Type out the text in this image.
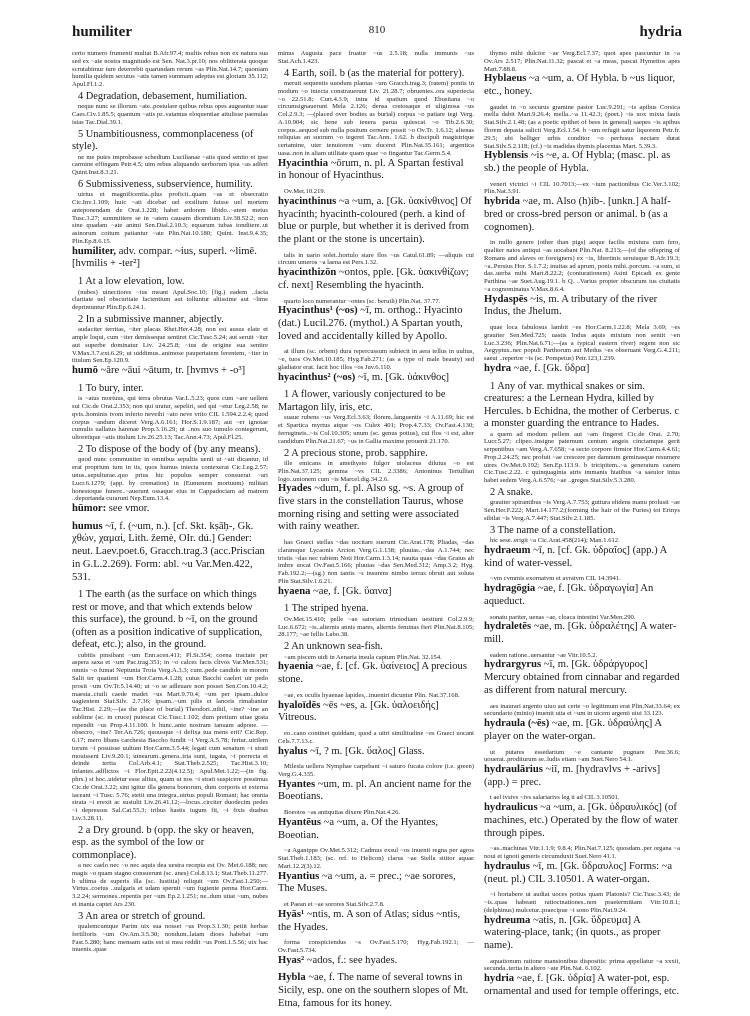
humiliter	810	hydria
certo numero frumenti multat B.Afr.97.4; multis rebus non ex natura sua sed ex ~ate nostra magnitudo est Sen. Nat.3.pr.10; nos oblitterata quoque scrutabimur ture deterrebit quarundam rerum ~as Plin.Nat.14.7; quoniam humilia quidem secutus ~atis tamen summam adeptus est gloriam 35.112; Apul.Fl.1.2.
4 Degradation, debasement, humiliation.
neque nunc se illorum ~ate..postulare quibus rebus opes augeantur suae Caes.Civ.1.85.5; quantum ~atis pr..vatamus eloquentiae attulisse paenulas istas Tac.Dial.39.1.
5 Unambitiousness, commonplaceness (of style).
ne me putes improbasse schedium Lucilianae ~atis quod sentio et ipse carmine effingam Petr.4.5; uim rebus aliquando uerborum ipsa ~as adfert Quint.Inst.8.3.21.
6 Submissiveness, subservience, humility.
uirtus et magnificentia..plus proficit..quam ~as et obsecratio Cic.Inv.1.109; huic ~ati dicebat uel exsilium fuisse uel mortem anteponendam de Orat.1.228; habet ardorem libido..~atem metus Tusc.3.27; summittere se in ~atem causam dicentium Liv.38.52.2; non sine quadam ~ate animi Sen.Dial.2.10.3; equarum tubas tonditere..ut asinorum coitum patiantur ~ate Plin.Nat.10.180; Quint. Inst.9.4.35; Plin.Ep.8.6.15.
humiliter, adv. compar. ~ius, superl. ~limē. [hvmilis + -ter²]
1 At a low elevation, low.
(nubes) uinectiores ~ius meant Apul.Soc.10; [fig.) eadem ..facta claritate uel obscuritate facientium aut tolluntur altissime aut ~lime deprimuntur Plin.Ep.6.24.1.
2 In a submissive manner, abjectly.
audaciter territas, ~iter placas Rhet.Her.4.28; non est ausus elate et ample loqui, cum ~iter demisseque sentiret Cic.Tusc.5.24; aut seruit ~iter aut superbe dominatur Liv. 24.25.8; ~ius de origine sua sentire V.Max.3.7.ext.6.29; ut uiddimus..animose paupertatem ferentem, ~iter in titulum Sen.Ep.120.9.
humō ~āre ~āui ~ātum, tr. [hvmvs + -o³]
1 To bury, inter.
is ~atus mortuus, qui terra obrutus Var.L.5.23; quos cum ~are uellent sui Cic.de Orat.2.353; non qui uratur, sepeliri, sed qui ~etur Leg.2.58; ne qvis..hominis tvom inferto neveihi ~ato neve vrito CIL 1.594.2.2.4; quod corpus ~andum diceret Verg.A.6.161; Hor.S.1.9.187; aut ~er ignotae cumulis uallatus harenae Prop.3.16.29; ut ..nos suo tumulo contegerunt, ultoretique ~atis titulum Liv.26.25.13; Tac.Ann.4.73; Apul.Fl.25.
2 To dispose of the body of (by any means).
quod nunc communiter in omnibus sepultis uenit ut ~ati dicantur, id erat proprium tum in iis, quos humus iniecta contexerat Cic.Leg.2.57; unus..sepulturae..quo prius hic populus semper consuerat ~ari Lucr.6.1279; (app. by cremation) in (Eumenem mortuum) militari honestoque funere..~auerunt ossaque eius in Cappadociam ad matrem ..deportanda curarunt Nep.Eum.13.4.
hūmor: see vmor.
humus ~ī, f. (~um, n.). [cf. Skt. kṣāḥ-, Gk. χθών, χαμαί, Lith. žemė, OIr. dú.] Gender: neut. Laev.poet.6, Gracch.trag.3 (acc.Priscian in G.L.2.269). Form: abl. ~u Var.Men.422, 531.
1 The earth (as the surface on which things rest or move, and that which extends below this surface), the ground. b ~ī, on the ground (often as a position indicative of supplication, defeat, etc.); also, in the ground.
cubitis pinsibant ~um Enn.scen.411; Pl.St.354; coena tractate per aspera saxa et ~um Pac.trag.351; in ~o calces facis clivos Var.Men.531; omnis ~o fumat Neptunia Troia Verg.A.3.3; cum..pede candido in morem Salii ter quatient ~um Hor.Carm.4.1.28; cuius Bacchi caeleri uir pedo prosit ~um Ov.Tr.5.14.40; ut ~o se adleuare non posset Sen.Con.10.4.2; maesta..ciuili caede madet ~us Mart.9.70.4; ~um per ipsam..dulce uagientem Stat.Silv. 2.7.36; ipsam..~um pilis et lanceis rimabantur Tac.Hist. 2.29;—(as the place of burial) Theodori..nihil, ~ine? ~ine an sublime (sc. in cruce) putescat Cic.Tusc.1.102; dum pretium uitae grata rependit ~us Prop.4.11.100. b hunc..ante nostram ianuam adpone. — obsecro, ~ine? Ter.An.726; quousque ~i defixa tua mens erit? Cic.Rep. 6.17; mero libans carchesia Baccho fundit ~i Verg.A.5.78; fertur..uirilem torum ~i posuisse uultum Hor.Carm.3.5.44; legati cum senatum ~i strati mouissent Liv.9.20.1; uinearum..genera..tria sunt, iugata, ~i porrecta et deinde tertia Col.Arb.4.1; Stat.Theb.2.525; Tac.Hist.3.10; infantes..adflictos ~i Flor.Epit.2.22(4.12.5); Apul.Met.1.22;—(in fig. phrs.) si hoc..uidetur esse altius, quam ut nos ~i strati suspicere possimus Cic.de Orat.3.22; sint igitur illa genera bonorum, dum corporis et externa iaceant ~i Tusc. 5.76; stetit una integra..uirtus populi Romani; hac omnia strata ~i erexit ac sustulit Liv.26.41.12;—locus..circiter duodecim pedes ~i depressus Sal.Cat.55.3; tribus hastis iugum fit, ~i fixis duabus Liv.3.28.11.
2 a Dry ground. b (opp. the sky or heaven, esp. as the symbol of the low or commonplace).
a nec caelo nec ~o nec aquis dea uestra recepta est Ov. Met.6.188; nec magis ~o quam stagno consuerunt (sc. anes) Col.8.13.1; Stat.Theb.11.277. b ultima de superis illa (sc. Iustitia) reliquit ~um Ov.Fast.1.250;—Virtus..coetus ..uulgaris et udam spernit ~um fugiente penna Hor.Carm. 3.2.24; sermones..repentis per ~um Ep.2.1.251; ne..dum uitat ~um, nubes et inania captet Ars 230.
3 An area or stretch of ground.
qualemcumque Parim uix sua nosset ~us Prop.3.1.30; petiit herbae fertilioris ~um Ov.Am.3.5.30; nondum..latam dioes habebat ~um Fast.5.280; hanc mensam satis est si mea reddit ~us Pont.1.5.56; uix hac inuenis..quae
minus Augusta pace fruatur ~us 2.5.18; nulla immunis ~us Stat.Ach.1.423.
4 Earth, soil. b (as the material for pottery).
meruit sequentis uuodum plantas ~um Gracch.trag.3; (ratem) pontis in modum ~o iniecta constrauerunt Liv. 21.28.7; obruentes..ora superiecta ~o 22.51.8; Curt.4.3.9; intra id spatium quod Ebusitana ~o circumsignauerunt Mela 2.126; densa cretosaque et uliginosa ~us Col.2.9.3; —(placed over bodies as burial) corpus ~o patiare tegi Verg. A.10.904; sic bene sub tenera parua quiescat ~o Tib.2.6.30; corpus..aequod sub nulla positum cernere possit ~o Ov.Tr. 1.6.12; alienas reliquias an suorum ~o tegeret Tac.Ann. 1.62. b discipuli magistrique certamine, uter tenuiorem ~um duceret Plin.Nat.35.161; argentica uasa..non in aliam utilitate quam quae ~o fingantur Tac.Germ.5.4.
Hyacinthia ~ōrum, n. pl. A Spartan festival in honour of Hyacinthus.
Ov.Met.10.219.
hyacinthinus ~a ~um, a. [Gk. ὑακίνθινος] Of hyacinth; hyacinth-coloured (perh. a kind of blue or purple, but whether it is derived from the plant or the stone is uncertain).
talis in uario solet..hortulo stare flos ~us Catul.61.89; —aliquis cui circum umeros ~a laena est Pers.1.32.
hyacinthizōn ~ontos, pple. [Gk. ὑακινθίζων; cf. next] Resembling the hyacinth.
quarto loco numerantur ~ontes (sc. beruili) Plin.Nat. 37.77.
Hyacinthus¹ (~os) ~ī, m. orthog.: Hyacinto (dat.) Lucil.276. (mythol.) A Spartan youth, loved and accidentally killed by Apollo.
at illum (sc. orbem) dura repercussum subiecit in aera tellus in uultus, ~e, tuos Ov.Met.10.185; Hyg.Fab.271; (as a type of male beauty) sed gladiator erat. facit hoc illos ~os Juv.6.110.
hyacinthus² (~os) ~ī, m. [Gk. ὑάκινθος]
1 A flower, variously conjectured to be Martagon lily, iris, etc.
suaue rubens ~us Verg.Ecl.3.63; florem..languentis ~i A.11.69; hic est et Spartica myrtus atque ~os Culex 401; Prop.4.7.33; Ov.Fast.4.130; ferrugineis..~is Col.10.305; unum (sc. genus potius), cui flos ~i est, alter candidum Plin.Nat.21.67; ~us in Gallia maxime prouenit 21.170.
2 A precious stone, prob. sapphire.
ille emicans in amethysto fulgor uiolaceus dilutus ~o est Plin.Nat.37.125; gemma ~vs CIL 2.3386; Antoninus Tertullian logo..unionem cum ~is Marcel.dig.34.2.6.
Hyades ~dum, f. pl. Also sg. ~s. A group of five stars in the constellation Taurus, whose morning rising and setting were associated with rainy weather.
has Graeci stellas ~das uocitare suerunt Cic.Arat.178; Pliadas, ~das claramque Lycaonis Arcton Verg.G.1.138; pluuias..~das A.1.744; nec tristis ~das nec rabiem Noti Hor.Carm.1.3.14; nauita quas ~das Graius ab imbre uocat Ov.Fast.5.166; pluuias ~das Sen.Med.312; Amp.3.2; Hyg. Fab.192.2;—(sg.) non tantis ~s insurens nimbo terras obruit aut soluta Plin Stat.Silv.1.6.21.
hyaena ~ae, f. [Gk. ὕαινα]
1 The striped hyena.
Ov.Met.15.410; pelle ~ae satoriam trimodiam uestiunt Col.2.9.9; Luc.6.672; ~is..alternis annis mares, alternis feminas fieri Plin.Nat.8.105; 28.177; ~ae fellis Labo.38.
2 An unknown sea-fish.
~am piscem uidi in Aenaria insula captum Plin.Nat. 32.154.
hyaenia ~ae, f. [cf. Gk. ὑαίνειος] A precious stone.
~ae, ex oculis hyaenae lapides,..inueniri dicuntur Plin. Nat.37.168.
hyaloīdēs ~ēs ~es, a. [Gk. ὑαλοειδής] Vitreous.
eo..cano continet quiddam, quod a uitri similitudine ~es Graeci uocant Cels.7.7.13.c.
hyalus ~ī, ? m. [Gk. ὕαλος] Glass.
Milesia uellera Nymphae carpebant ~i saturo fucata colore (i.e. green) Verg.G.4.335.
Hyantes ~um, m. pl. An ancient name for the Boeotians.
Boeotos ~as antiquitas dixere Plin.Nat.4.26.
Hyantēus ~a ~um, a. Of the Hyantes, Boeotian.
~a Aganippe Ov.Met.5.312; Cadmus exsul ~os inuenit regna per agros Stat.Theb.1.183; (sc. ref. to Helicon) clarus ~ae Stella sititor aquae Mart.12.2(3).12.
Hyantius ~a ~um, a. = prec.; ~ae sorores, The Muses.
et Paean et ~ae sorores Stat.Silv.2.7.8.
Hyās¹ ~ntis, m. A son of Atlas; sidus ~ntis, the Hyades.
forma conspiciendus ~s Ov.Fast.5.170; Hyg.Fab.192.1; —Ov.Fast.5.734.
Hyas² ~ados, f.: see hyades.
Hybla ~ae, f. The name of several towns in Sicily, esp. one on the southern slopes of Mt. Etna, famous for its honey.
thymo mihi dulcior ~ae Verg.Ecl.7.37; quot apes pascuntur in ~a Ov.Ars 2.517; Plin.Nat.11.32; pascat et ~a meas, pascat Hymettos apes Mart.7.88.8.
Hyblaeus ~a ~um, a. Of Hybla. b ~us liquor, etc., honey.
gaudet in ~o securus gramine pastor Luc.9.291; ~is apibus Corsica mella dabit Mart.9.26.4; mella..~a 11.42.3; (poet.) ~is uox mixta fauis Stat.Silv.2.1.48; (as a poetic epithet of bees in general) saepes ~is apibus florem depasta salicti Verg.Ecl.1.54. b ~um refugit satur liquorem Petr.fr. 29.5; ubi belliger urbis conditor ~o perfusus nectare durat Stat.Silv.5.2.118; (cf.) ~is madidas thymis placentas Mart. 5.39.3.
Hyblensis ~is ~e, a. Of Hybla; (masc. pl. as sb.) the people of Hybla.
veneri victrici ~i CIL 10.7013;—ex ~ium pactionibus Cic.Ver.3.102; Plin.Nat.3.91.
hybrida ~ae, m. Also (h)ib-. [unkn.] A half-bred or cross-bred person or animal. b (as a cognomen).
in nullo genere (other than pigs) aeque facilis mixtura cum fero, qualiter natos antiqui ~as uocabant Plin.Nat. 8.213;—(of the offspring of Romans and slaves or foreigners) ex ~is, libertinis seruisque B.Afr.19.3; ~a..Persius Hor. S.1.7.2; inuitas ad aprum, ponis mihi..porcum. ~a sum, si das..uerba mihi Mart.8.22.2; (coniurationem) Asini Epicadi ex gente Parthina ~ae Suet.Aug.19.1. b Q. ..Varius propter obscurum ius ciuitatis ~a cognominatus V.Max.8.6.4.
Hydaspēs ~is, m. A tributary of the river Indus, the Jhelum.
quae loca fabulosus lambit ~es Hor.Carm.1.22.8; Mela 3.69; ~es grauiter Sen.Med.725; uastis Indus aquis mixtum non sentit ~en Luc.3.236; Plin.Nat.6.71;—(as a typical eastern river) regem non sic Aegyptus..nec populi Parthorum aut Medus ~es obseruant Verg.G.4.211; saeui ..repertor ~is (sc. Pompeius) Petr.123,1.239.
hydra ~ae, f. [Gk. ὕδρα]
1 Any of var. mythical snakes or sim. creatures: a the Lernean Hydra, killed by Hercules. b Echidna, the mother of Cerberus. c a monster guarding the entrance to Hades.
a quem ad modum pellem aut ~am fingeret Cic.de Orat. 2.70; Lucr.5.27; clipeo..insigne paternum centum angeis cinctamque gerit serpentibus ~am Verg.A.7.658; ~a secto corpore firmior Hor.Carm.4.4.61; Prop.2.24.25; nec profuit ~ae crescere per damnum geminasque resumere uires Ov.Met.9.192; Sen.Ep.113.9. b tricipitem..~a generatum canem Cic.Tusc.2.22. c quinquaginta atris immanis hiatibus ~a saeuior intus habet sedem Verg.A.6.576; ~ae ..greges Stat.Silv.5.3.280.
2 A snake.
grauiter spirantibus ~is Verg.A.7.753; guttura elidens manu prolusit ~ae Sen.Her.F.222; Mart.14.177.2;(forming the hair of the Furies) tot Erinys sibilat ~is Verg.A.7.447; Stat.Silv.2.1.185.
3 The name of a constellation.
hic sese..erigit ~a Cic.Arat.458(214); Man.1.612.
hydraeum ~ī, n. [cf. Gk. ὑδραῖος] (app.) A kind of water-vessel.
~vm cvmmis exornatvm et avratvm CIL 14.3941.
hydragōgia ~ae, f. [Gk. ὑδραγωγία] An aqueduct.
sonatu pariter, uenas ~ae, cloaca intestini Var.Men.290.
hydraletēs ~ae, m. [Gk. ὑδραλέτης] A water-mill.
eadem ratione..uersantur ~ae Vitr.10.5.2.
hydrargyrus ~ī, m. [Gk. ὑδράργυρος] Mercury obtained from cinnabar and regarded as different from natural mercury.
aes inaurari argento uiuo aut certe ~o legitimum erat Plin.Nat.33.64; ex secundario (minio) inuenit uita et ~um in uicem argenti uiui 33.123.
hydraula (~ēs) ~ae, m. [Gk. ὑδραύλης] A player on the water-organ.
ut putares essedarium ~e cantante pugnare Petr.36.6; uouerat..proditurum se..ludis etiam ~am Suet.Nero 54.1.
hydraulārius ~iī, m. [hydravlvs + -arivs] (app.) = prec.
t ael ivstvs ~ivs salariarivs leg ii ad CIL 3.10501.
hydraulicus ~a ~um, a. [Gk. ὑδραυλικός] (of machines, etc.) Operated by the flow of water through pipes.
~as..machinas Vitr.1.1.9; 9.8.4; Plin.Nat.7.125; quosdam..per organa ~a noui et ignoti generis circumduxit Suet.Nero 41.1.
hydraulus ~ī, m. [Gk. ὕδραυλος] Forms: ~a (neut. pl.) CIL 3.10501. A water-organ.
~i hortabere ut audiat uoces potius quam Platonis? Cic.Tusc.3.43; de ~is..quas habeant ratiocinationes..non praetermittam Vitr.10.8.1; (delphinus) mulcetur..praecipue ~i sono Plin.Nat.9.24.
hydreuma ~atis, n. [Gk. ὕδρευμα] A watering-place, tank; (in quots., as proper name).
aquationum ratione mansionibus dispositis: prima appellatur ~a xxxii, secunda..tertia in altero ~ate Plin.Nat. 6.102.
hydria ~ae, f. [Gk. ὑδρία] A water-pot, esp. ornamental and used for temple offerings, etc.
